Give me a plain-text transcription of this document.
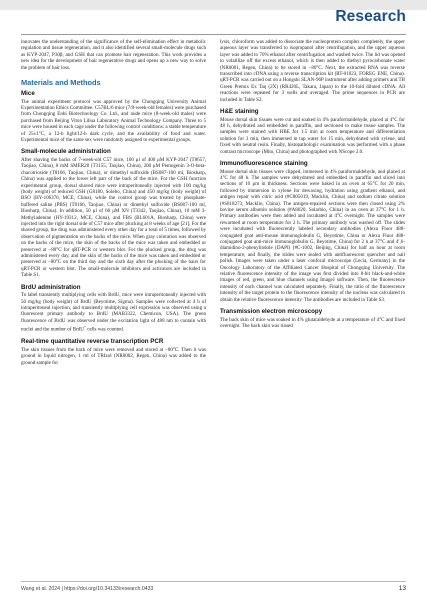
Research

innovates the understanding of the significance of the self-elimination effect in metabolic regulation and tissue regeneration, and it also identified several small-molecule drugs such as KYP-2047, P30β, and GSH that can promote hair regeneration. This work provides a new idea for the development of hair regenerative drugs and opens up a new way to solve the problem of hair loss.

Materials and Methods
Mice

The animal experiment protocol was approved by the Chongqing University Animal Experimentation Ethics Committee. C57BL/6 mice (7/8-week-old females) were purchased from Chongqing Enbi Biotechnology Co. Ltd., and nude mice (8-week-old males) were purchased from Beijing Viton Lihua Laboratory Animal Technology Company. Three to 5 mice were housed in each cage under the following control conditions: a stable temperature of 25±1°C, a 12-h light/12-h dark cycle, and the availability of food and water. Experimental mice of the same sex were randomly assigned to experimental groups.

Small-molecule administration

After shaving the backs of 7-week-old C57 mice, 100 μl of 400 μM KYP-2047 (T8657, Taojiao, China), 8 mM SMER28 (T3155, Taojiao, China), 200 μM Pemogenin 3-O-beta-chacotrioside (T8166, Taojiao, China), or dimethyl sulfoxide (BS087-100 ml, Biosharp, China) was applied to the lower left part of the back of the mice. For the GSH function experimental group, dorsal shaved mice were intraperitoneally injected with 100 mg/kg (body weight) of reduced GSH (G8180, Solebo, China) and 450 mg/kg (body weight) of BSO (HY-106376, MCE, China), while the control group was treated by phosphate-buffered saline (PBS) (T8166, Taojiao, China) or dimethyl sulfoxide (BS087-100 ml, Biosharp, China). In addition, 50 μl of 60 μM XN (T3342, Taojiao, China), 10 mM 3-Methyladenine (HY-19312, MCE, China), and FBS (BL601A, Biosharp, China) were injected into the right dorsal side of C57 mice after plucking at 8 weeks of age [21]. For the shaved group, the drug was administered every other day for a total of 5 times, followed by observation of pigmentation on the backs of the mice. When gray coloration was observed on the backs of the mice, the skin of the backs of the mice was taken and embedded or preserved at −80°C for qRT-PCR or western blot. For the plucked group, the drug was administered every day, and the skin of the backs of the mice was taken and embedded or preserved at −80°C on the third day and the sixth day after the plucking of the hairs for qRT-PCR or western blot. The small-molecule inhibitors and activators are included in Table S1.

BrdU administration

To label transiently multiplying cells with BrdU, mice were intraperitoneally injected with 50 mg/kg (body weight) of BrdU (Beyotime, Sigma). Samples were collected at 4 h of intraperitoneal injection, and transiently multiplying cell expression was observed using a fluorescent primary antibody to BrdU (MAB3322, Chemicon, USA). The green fluorescence of BrdU was observed under the excitation light of 488 nm to contain with nuclei and the number of BrdU+ cells was counted.

Real-time quantitative reverse transcription PCR

The skin tissues from the back of mice were removed and stored at −80°C. Then it was ground in liquid nitrogen, 1 ml of TRIzol (NR0002, Regen, China) was added to the ground sample for

lysis, chloroform was added to dissociate the nucleoprotein complex completely, the upper aqueous layer was transferred to isopropanol after centrifugation, and the upper aqueous layer was added to 70% ethanol after centrifugation and washed twice. The lid was opened to volatilize off the excess ethanol, which is then added to diethyl pyrocarbonate water (NR0001, Regen, China) to be stored in −80°C. Next, the extracted RNA was reverse transcribed into cDNA using a reverse transcription kit (RT-01023, FOREG ENE, China). qRT-PCR was carried out on a Hongshi SLAN-96P instrument after adding primers and TB Green Premix Ex Taq (2X) (RR420L, Takara, Japan) to the 10-fold diluted cDNA. All reactions were repeated for 3 wells and averaged. The prime sequences in PCR are included in Table S2.

H&E staining

Mouse dorsal skin tissues were cut and soaked in 4% paraformaldehyde, placed at 4°C for 48 h, dehydrated and embedded in paraffin, and sectioned to make tissue samples. The samples were stained with HBE for 1.5 min at room temperature and differentiation solution for 3 min, then immersed in tap water for 15 min, dehydrated with xylene, and fixed with neutral resin. Finally, histopathologic examination was performed with a phase contrast microscope (Mito, China) and photographed with NScope 2.0.

Immunofluorescence staining

Mouse dorsal skin tissues were clipped, immersed in 4% paraformaldehyde, and placed at 4°C for 48 h. The samples were dehydrated and embedded in paraffin and sliced into sections of 10 μm in thickness. Sections were baked in an oven at 65°C for 20 min, followed by immersion in xylene for dewaxing, hydration using gradient ethanol, and antigen repair with citric acid (#C805019, Macklin, China) and sodium citrate solution (#S818273, Macklin, China). The antigen-repaired sections were then closed using 2% bovine serum albumin solution (#A8020, Solarbio, China) in an oven at 37°C for 1 h. Primary antibodies were then added and incubated at 4°C overnight. The samples were rewarmed at room temperature for 2 h. The primary antibody was washed off. The slides were incubated with fluorescently labeled secondary antibodies (Alexa Fluor 488-conjugated goat anti-mouse immunoglobulin G, Beyotime, China or Alexa Fluor 488-conjugated goat anti-mice immunoglobulin G, Beyotime, China) for 2 h at 37°C and 4′,6-diamidino-2-phenylindole (DAPI) (#C-1002, Beijing, China) for half an hour at room temperature, and finally, the slides were sealed with antifluorescent quencher and nail polish. Images were taken under a laser confocal microscope (Lecia, Germany) in the Oncology Laboratory of the Affiliated Cancer Hospital of Chongqing University. The relative fluorescence intensity of the image was first divided into 8-bit black-and-white images of red, green, and blue channels using ImageJ software. Then, the fluorescence intensity of each channel was calculated separately. Finally, the ratio of the fluorescence intensity of the target protein to the fluorescence intensity of the nucleus was calculated to obtain the relative fluorescence intensity. The antibodies are included in Table S3.

Transmission electron microscopy

The back skin of mice was soaked in 4% glutaraldehyde at a temperature of 4°C and fixed overnight. The back skin was rinsed

Wang et al. 2024 | https://doi.org/10.34133/research.0433	13
